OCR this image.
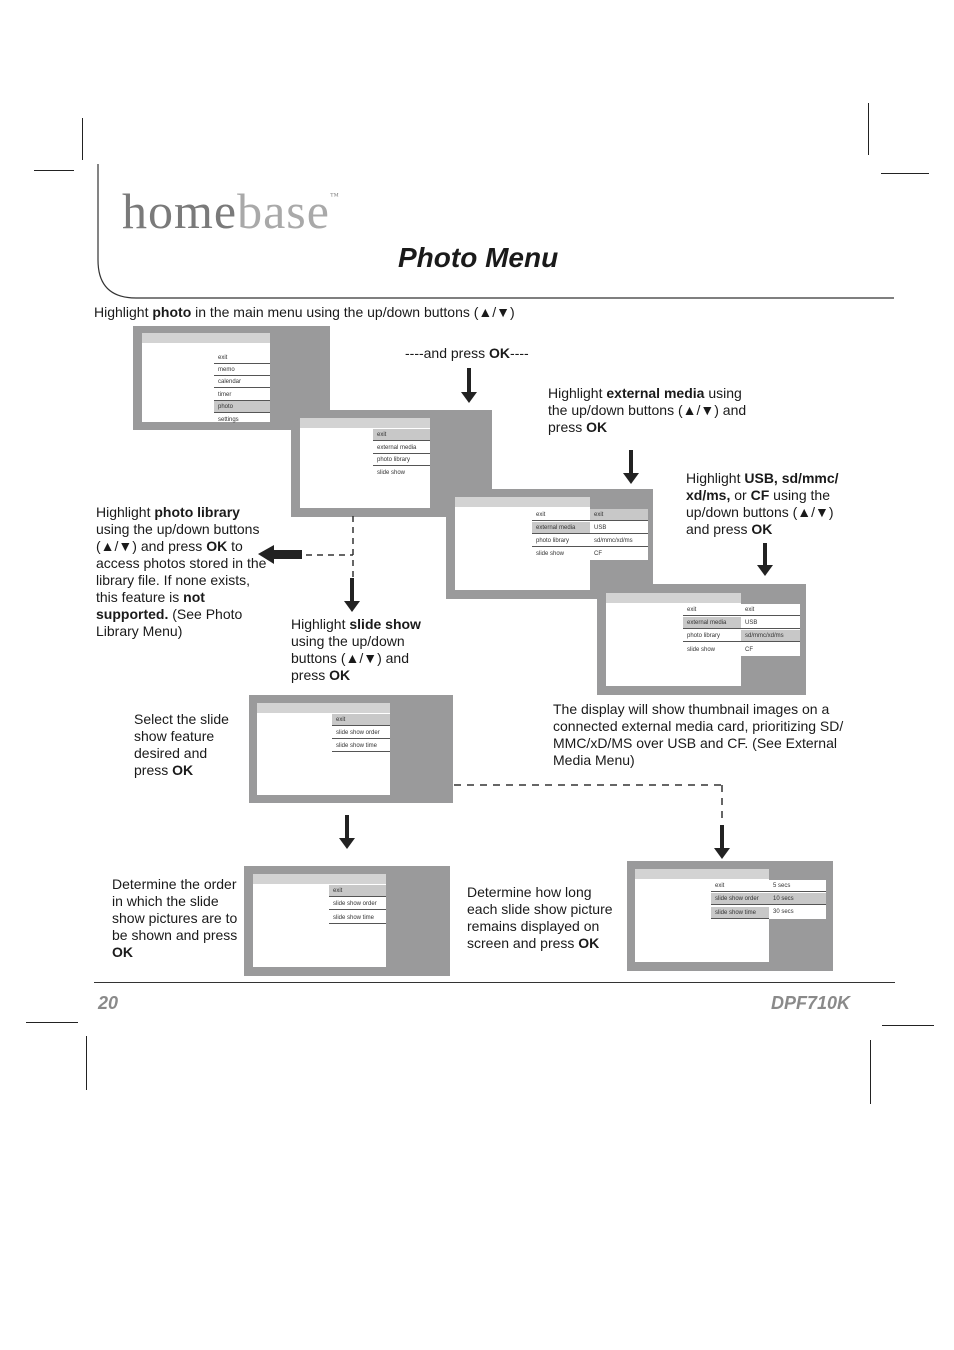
homebase™
Photo Menu
Highlight photo in the main menu using the up/down buttons (▲/▼)
exit
memo
calendar
timer
photo
settings
----and press OK----
exit
external media
photo library
slide show
Highlight external media using the up/down buttons (▲/▼) and press OK
exit
external media
photo library
slide show
exit
USB
sd/mmc/xd/ms
CF
Highlight USB, sd/mmc/ xd/ms, or CF using the up/down buttons (▲/▼) and press OK
exit
external media
photo library
slide show
exit
USB
sd/mmc/xd/ms
CF
Highlight photo library using the up/down buttons (▲/▼) and press OK to access photos stored in the library file. If none exists, this feature is not supported. (See Photo Library Menu)	Highlight slide show using the up/down buttons (▲/▼) and press OK
The display will show thumbnail images on a connected external media card, prioritizing SD/ MMC/xD/MS over USB and CF. (See External Media Menu)
Select the slide show feature desired and press OK
exit
slide show order
slide show time
Determine the order in which the slide show pictures are to be shown and press OK
exit
slide show order
slide show time
Determine how long each slide show picture remains displayed on screen and press OK
exit
slide show order
slide show time
5 secs
10 secs
30 secs
20	DPF710K
